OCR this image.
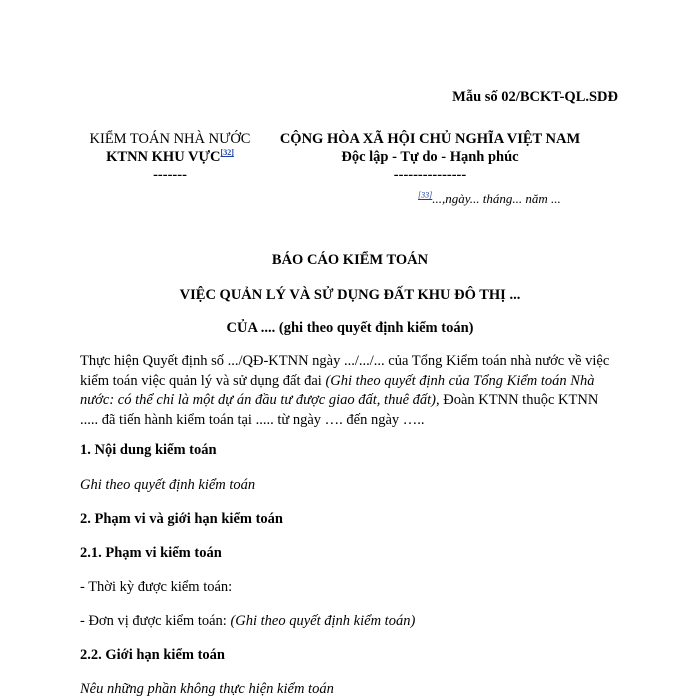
Mẫu số 02/BCKT-QL.SDĐ
KIỂM TOÁN NHÀ NƯỚC
KTNN KHU VỰC[32]
-------
CỘNG HÒA XÃ HỘI CHỦ NGHĨA VIỆT NAM
Độc lập - Tự do - Hạnh phúc
---------------
[33]...,ngày... tháng... năm ...
BÁO CÁO KIỂM TOÁN
VIỆC QUẢN LÝ VÀ SỬ DỤNG ĐẤT KHU ĐÔ THỊ ...
CỦA .... (ghi theo quyết định kiểm toán)
Thực hiện Quyết định số .../QĐ-KTNN ngày .../.../... của Tổng Kiểm toán nhà nước về việc kiểm toán việc quản lý và sử dụng đất đai (Ghi theo quyết định của Tổng Kiểm toán Nhà nước: có thể chỉ là một dự án đầu tư được giao đất, thuê đất), Đoàn KTNN thuộc KTNN ..... đã tiến hành kiểm toán tại ..... từ ngày …. đến ngày …..
1. Nội dung kiểm toán
Ghi theo quyết định kiểm toán
2. Phạm vi và giới hạn kiểm toán
2.1. Phạm vi kiểm toán
- Thời kỳ được kiểm toán:
- Đơn vị được kiểm toán: (Ghi theo quyết định kiểm toán)
2.2. Giới hạn kiểm toán
Nêu những phần không thực hiện kiểm toán
